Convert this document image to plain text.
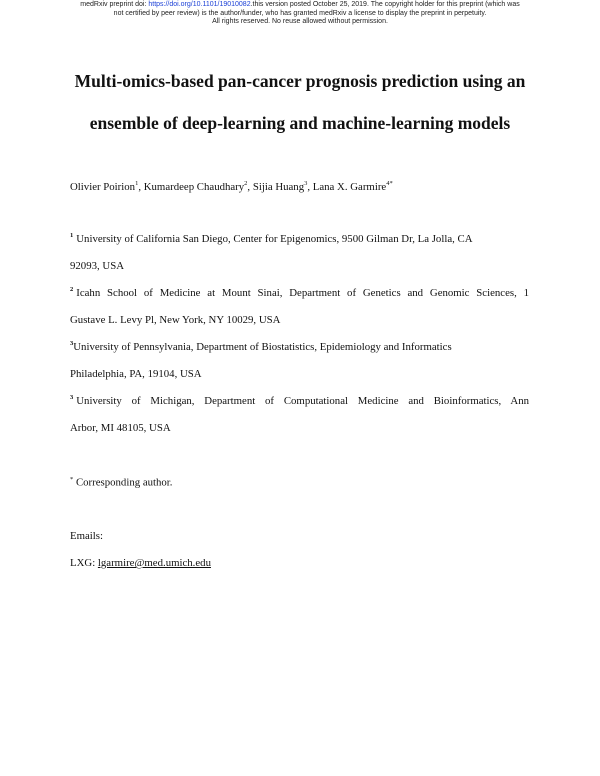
medRxiv preprint doi: https://doi.org/10.1101/19010082.this version posted October 25, 2019. The copyright holder for this preprint (which was
not certified by peer review) is the author/funder, who has granted medRxiv a license to display the preprint in perpetuity.
All rights reserved. No reuse allowed without permission.
Multi-omics-based pan-cancer prognosis prediction using an
ensemble of deep-learning and machine-learning models
Olivier Poirion$^1$, Kumardeep Chaudhary$^2$, Sijia Huang$^3$, Lana X. Garmire$^{4*}$
$^1$ University of California San Diego, Center for Epigenomics, 9500 Gilman Dr, La Jolla, CA
92093, USA
$^2$ Icahn School of Medicine at Mount Sinai, Department of Genetics and Genomic Sciences, 1
Gustave L. Levy Pl, New York, NY 10029, USA
$^3$University of Pennsylvania, Department of Biostatistics, Epidemiology and Informatics
Philadelphia, PA, 19104, USA
$^3$ University of Michigan, Department of Computational Medicine and Bioinformatics, Ann
Arbor, MI 48105, USA
* Corresponding author.
Emails:
LXG: lgarmire@med.umich.edu
